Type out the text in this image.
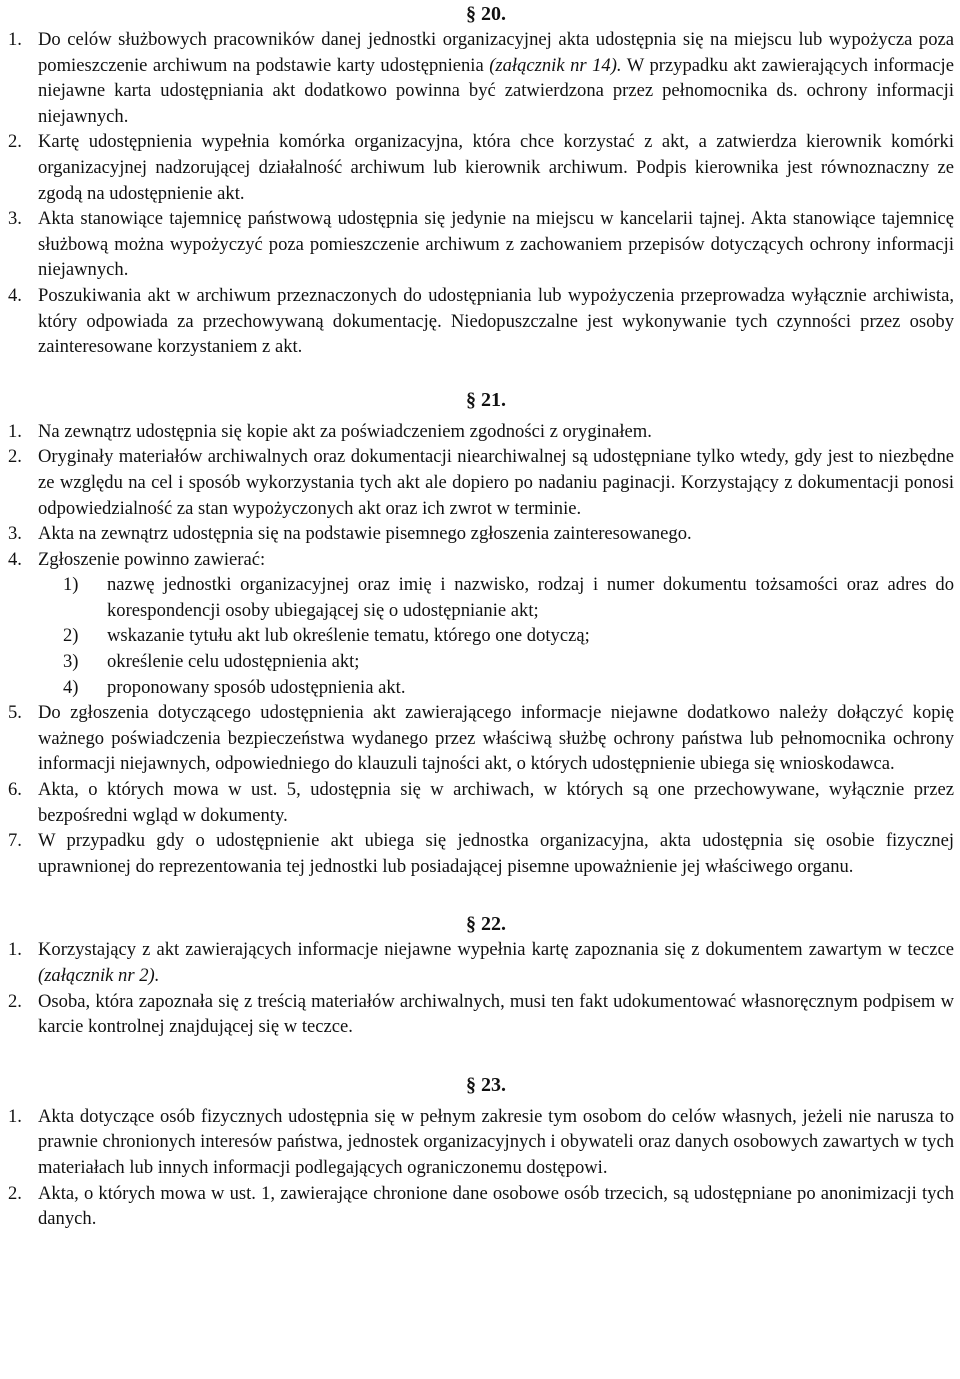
§ 20.
1. Do celów służbowych pracowników danej jednostki organizacyjnej akta udostępnia się na miejscu lub wypożycza poza pomieszczenie archiwum na podstawie karty udostępnienia (załącznik nr 14). W przypadku akt zawierających informacje niejawne karta udostępniania akt dodatkowo powinna być zatwierdzona przez pełnomocnika ds. ochrony informacji niejawnych.
2. Kartę udostępnienia wypełnia komórka organizacyjna, która chce korzystać z akt, a zatwierdza kierownik komórki organizacyjnej nadzorującej działalność archiwum lub kierownik archiwum. Podpis kierownika jest równoznaczny ze zgodą na udostępnienie akt.
3. Akta stanowiące tajemnicę państwową udostępnia się jedynie na miejscu w kancelarii tajnej. Akta stanowiące tajemnicę służbową można wypożyczyć poza pomieszczenie archiwum z zachowaniem przepisów dotyczących ochrony informacji niejawnych.
4. Poszukiwania akt w archiwum przeznaczonych do udostępniania lub wypożyczenia przeprowadza wyłącznie archiwista, który odpowiada za przechowywaną dokumentację. Niedopuszczalne jest wykonywanie tych czynności przez osoby zainteresowane korzystaniem z akt.
§ 21.
1. Na zewnątrz udostępnia się kopie akt za poświadczeniem zgodności z oryginałem.
2. Oryginały materiałów archiwalnych oraz dokumentacji niearchiwalnej są udostępniane tylko wtedy, gdy jest to niezbędne ze względu na cel i sposób wykorzystania tych akt ale dopiero po nadaniu paginacji. Korzystający z dokumentacji ponosi odpowiedzialność za stan wypożyczonych akt oraz ich zwrot w terminie.
3. Akta na zewnątrz udostępnia się na podstawie pisemnego zgłoszenia zainteresowanego.
4. Zgłoszenie powinno zawierać:
1) nazwę jednostki organizacyjnej oraz imię i nazwisko, rodzaj i numer dokumentu tożsamości oraz adres do korespondencji osoby ubiegającej się o udostępnianie akt;
2) wskazanie tytułu akt lub określenie tematu, którego one dotyczą;
3) określenie celu udostępnienia akt;
4) proponowany sposób udostępnienia akt.
5. Do zgłoszenia dotyczącego udostępnienia akt zawierającego informacje niejawne dodatkowo należy dołączyć kopię ważnego poświadczenia bezpieczeństwa wydanego przez właściwą służbę ochrony państwa lub pełnomocnika ochrony informacji niejawnych, odpowiedniego do klauzuli tajności akt, o których udostępnienie ubiega się wnioskodawca.
6. Akta, o których mowa w ust. 5, udostępnia się w archiwach, w których są one przechowywane, wyłącznie przez bezpośredni wgląd w dokumenty.
7. W przypadku gdy o udostępnienie akt ubiega się jednostka organizacyjna, akta udostępnia się osobie fizycznej uprawnionej do reprezentowania tej jednostki lub posiadającej pisemne upoważnienie jej właściwego organu.
§ 22.
1. Korzystający z akt zawierających informacje niejawne wypełnia kartę zapoznania się z dokumentem zawartym w teczce (załącznik nr 2).
2. Osoba, która zapoznała się z treścią materiałów archiwalnych, musi ten fakt udokumentować własnoręcznym podpisem w karcie kontrolnej znajdującej się w teczce.
§ 23.
1. Akta dotyczące osób fizycznych udostępnia się w pełnym zakresie tym osobom do celów własnych, jeżeli nie narusza to prawnie chronionych interesów państwa, jednostek organizacyjnych i obywateli oraz danych osobowych zawartych w tych materiałach lub innych informacji podlegających ograniczonemu dostępowi.
2. Akta, o których mowa w ust. 1, zawierające chronione dane osobowe osób trzecich, są udostępniane po anonimizacji tych danych.
